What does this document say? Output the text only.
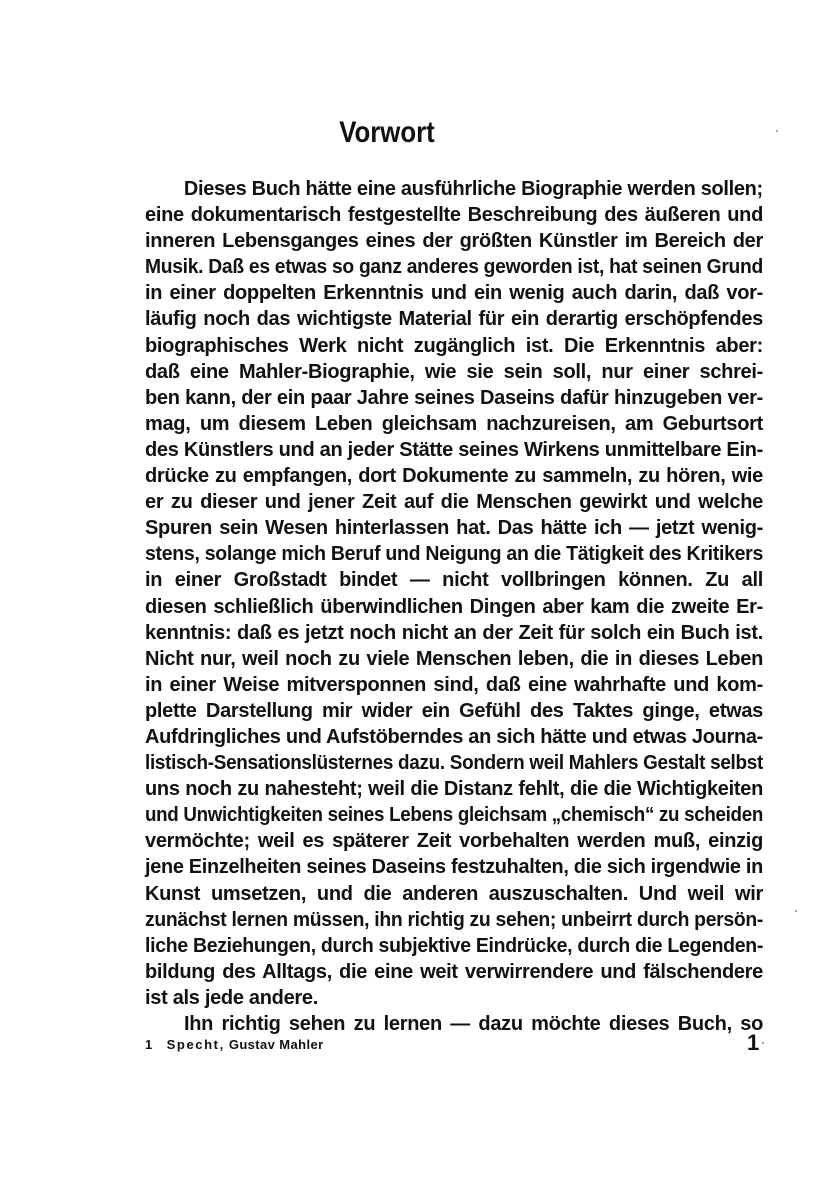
Vorwort
Dieses Buch hätte eine ausführliche Biographie werden sollen;
eine dokumentarisch festgestellte Beschreibung des äußeren und
inneren Lebensganges eines der größten Künstler im Bereich der
Musik. Daß es etwas so ganz anderes geworden ist, hat seinen Grund
in einer doppelten Erkenntnis und ein wenig auch darin, daß vor-
läufig noch das wichtigste Material für ein derartig erschöpfendes
biographisches Werk nicht zugänglich ist. Die Erkenntnis aber:
daß eine Mahler-Biographie, wie sie sein soll, nur einer schrei-
ben kann, der ein paar Jahre seines Daseins dafür hinzugeben ver-
mag, um diesem Leben gleichsam nachzureisen, am Geburtsort
des Künstlers und an jeder Stätte seines Wirkens unmittelbare Ein-
drücke zu empfangen, dort Dokumente zu sammeln, zu hören, wie
er zu dieser und jener Zeit auf die Menschen gewirkt und welche
Spuren sein Wesen hinterlassen hat. Das hätte ich — jetzt wenig-
stens, solange mich Beruf und Neigung an die Tätigkeit des Kritikers
in einer Großstadt bindet — nicht vollbringen können. Zu all
diesen schließlich überwindlichen Dingen aber kam die zweite Er-
kenntnis: daß es jetzt noch nicht an der Zeit für solch ein Buch ist.
Nicht nur, weil noch zu viele Menschen leben, die in dieses Leben
in einer Weise mitversponnen sind, daß eine wahrhafte und kom-
plette Darstellung mir wider ein Gefühl des Taktes ginge, etwas
Aufdringliches und Aufstöberndes an sich hätte und etwas Journa-
listisch-Sensationslüsternes dazu. Sondern weil Mahlers Gestalt selbst
uns noch zu nahesteht; weil die Distanz fehlt, die die Wichtigkeiten
und Unwichtigkeiten seines Lebens gleichsam „chemisch“ zu scheiden
vermöchte; weil es späterer Zeit vorbehalten werden muß, einzig
jene Einzelheiten seines Daseins festzuhalten, die sich irgendwie in
Kunst umsetzen, und die anderen auszuschalten. Und weil wir
zunächst lernen müssen, ihn richtig zu sehen; unbeirrt durch persön-
liche Beziehungen, durch subjektive Eindrücke, durch die Legenden-
bildung des Alltags, die eine weit verwirrendere und fälschendere
ist als jede andere.
Ihn richtig sehen zu lernen — dazu möchte dieses Buch, so
1 Specht, Gustav Mahler	1
